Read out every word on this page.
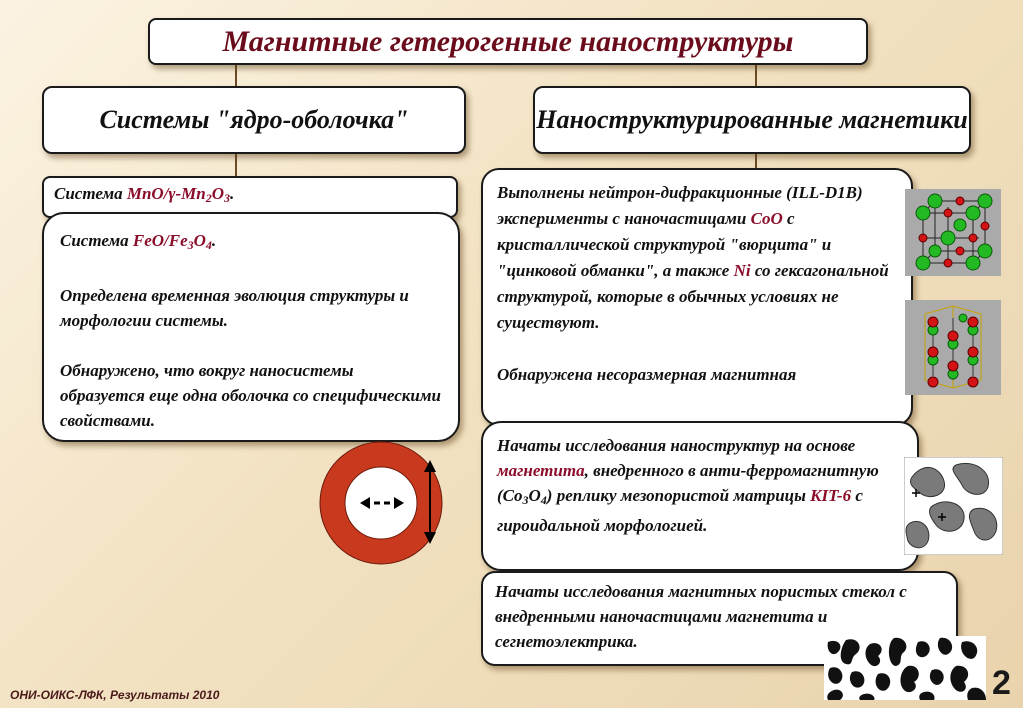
Магнитные гетерогенные наноструктуры
Системы "ядро-оболочка"	Наноструктурированные магнетики
Система MnO/$\gamma-Mn_2O_3$.

Система FeO/$Fe_3O_4$.

Определена временная эволюция структуры и морфологии системы.

Обнаружено, что вокруг наносистемы образуется еще одна оболочка со специфическими свойствами.

Выполнены нейтрон-дифракционные (ILL-D1B) эксперименты с наночастицами CoO с кристаллической структурой "вюрцита" и "цинковой обманки", а также Ni со гексагональной структурой, которые в обычных условиях не существуют.

Обнаружена несоразмерная магнитная

Начаты исследования наноструктур на основе магнетита, внедренного в анти-ферромагнитную $(Co_3O_4)$ реплику мезопористой матрицы KIT-6 с гироидальной морфологией.

Начаты исследования магнитных пористых стекол с внедренными наночастицами магнетита и сегнетоэлектрика.

ОНИ-ОИКС-ЛФК, Результаты 2010	2
